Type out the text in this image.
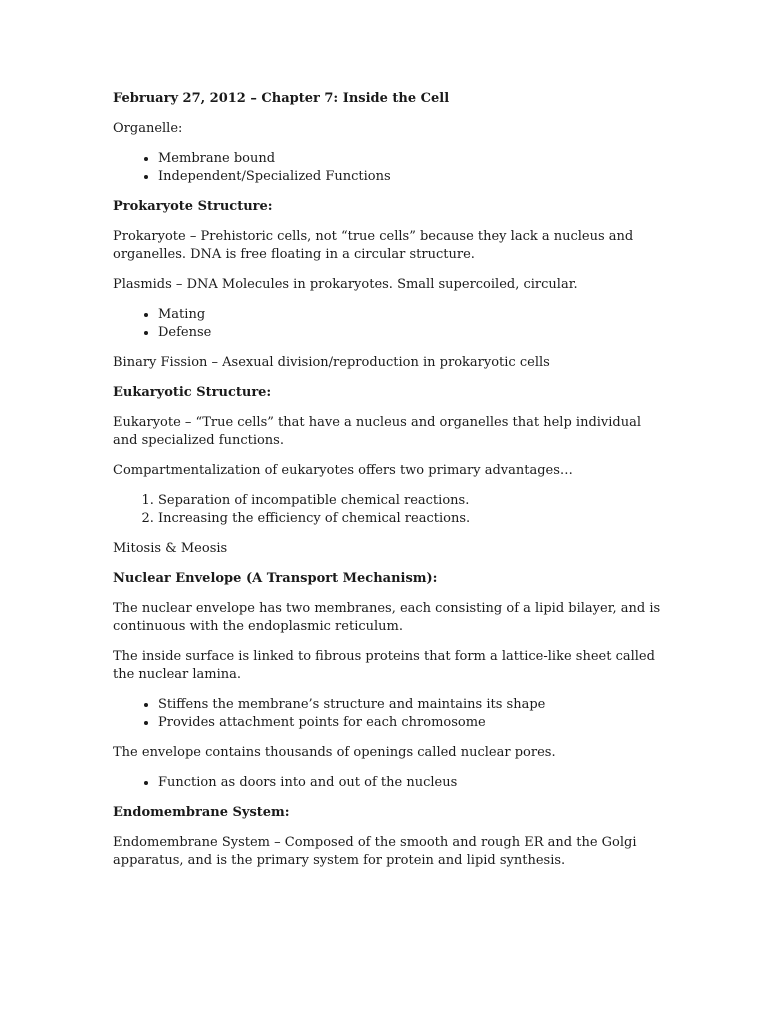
February 27, 2012 – Chapter 7: Inside the Cell

Organelle:

• Membrane bound
• Independent/Specialized Functions

Prokaryote Structure:

Prokaryote – Prehistoric cells, not “true cells” because they lack a nucleus and organelles. DNA is free floating in a circular structure.

Plasmids – DNA Molecules in prokaryotes. Small supercoiled, circular.

• Mating
• Defense

Binary Fission – Asexual division/reproduction in prokaryotic cells

Eukaryotic Structure:

Eukaryote – “True cells” that have a nucleus and organelles that help individual and specialized functions.

Compartmentalization of eukaryotes offers two primary advantages…

1. Separation of incompatible chemical reactions.
2. Increasing the efficiency of chemical reactions.

Mitosis & Meosis

Nuclear Envelope (A Transport Mechanism):

The nuclear envelope has two membranes, each consisting of a lipid bilayer, and is continuous with the endoplasmic reticulum.

The inside surface is linked to fibrous proteins that form a lattice-like sheet called the nuclear lamina.

• Stiffens the membrane’s structure and maintains its shape
• Provides attachment points for each chromosome

The envelope contains thousands of openings called nuclear pores.

• Function as doors into and out of the nucleus

Endomembrane System:

Endomembrane System – Composed of the smooth and rough ER and the Golgi apparatus, and is the primary system for protein and lipid synthesis.
